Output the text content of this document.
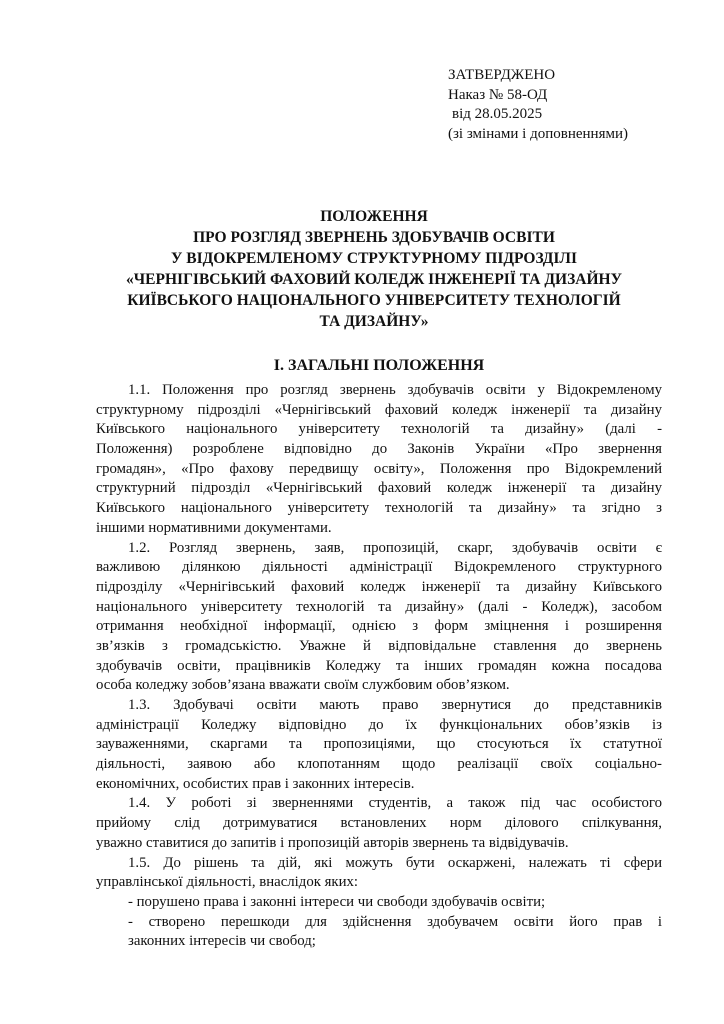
ЗАТВЕРДЖЕНО
Наказ № 58-ОД
від 28.05.2025
(зі змінами і доповненнями)
ПОЛОЖЕННЯ
ПРО РОЗГЛЯД ЗВЕРНЕНЬ ЗДОБУВАЧІВ ОСВІТИ
У ВІДОКРЕМЛЕНОМУ СТРУКТУРНОМУ ПІДРОЗДІЛІ
«ЧЕРНІГІВСЬКИЙ ФАХОВИЙ КОЛЕДЖ ІНЖЕНЕРІЇ ТА ДИЗАЙНУ
КИЇВСЬКОГО НАЦІОНАЛЬНОГО УНІВЕРСИТЕТУ ТЕХНОЛОГІЙ
ТА ДИЗАЙНУ»
І. ЗАГАЛЬНІ ПОЛОЖЕННЯ
1.1. Положення про розгляд звернень здобувачів освіти у Відокремленому
структурному підрозділі «Чернігівський фаховий коледж інженерії та дизайну
Київського національного університету технологій та дизайну» (далі -
Положення) розроблене відповідно до Законів України «Про звернення
громадян», «Про фахову передвищу освіту», Положення про Відокремлений
структурний підрозділ «Чернігівський фаховий коледж інженерії та дизайну
Київського національного університету технологій та дизайну» та згідно з
іншими нормативними документами.
1.2. Розгляд звернень, заяв, пропозицій, скарг, здобувачів освіти є
важливою ділянкою діяльності адміністрації Відокремленого структурного
підрозділу «Чернігівський фаховий коледж інженерії та дизайну Київського
національного університету технологій та дизайну» (далі - Коледж), засобом
отримання необхідної інформації, однією з форм зміцнення і розширення
зв’язків з громадськістю. Уважне й відповідальне ставлення до звернень
здобувачів освіти, працівників Коледжу та інших громадян кожна посадова
особа коледжу зобов’язана вважати своїм службовим обов’язком.
1.3. Здобувачі освіти мають право звернутися до представників
адміністрації Коледжу відповідно до їх функціональних обов’язків із
зауваженнями, скаргами та пропозиціями, що стосуються їх статутної
діяльності, заявою або клопотанням щодо реалізації своїх соціально-
економічних, особистих прав і законних інтересів.
1.4. У роботі зі зверненнями студентів, а також під час особистого
прийому слід дотримуватися встановлених норм ділового спілкування,
уважно ставитися до запитів і пропозицій авторів звернень та відвідувачів.
1.5. До рішень та дій, які можуть бути оскаржені, належать ті сфери
управлінської діяльності, внаслідок яких:
- порушено права і законні інтереси чи свободи здобувачів освіти;
- створено перешкоди для здійснення здобувачем освіти його прав і
законних інтересів чи свобод;
